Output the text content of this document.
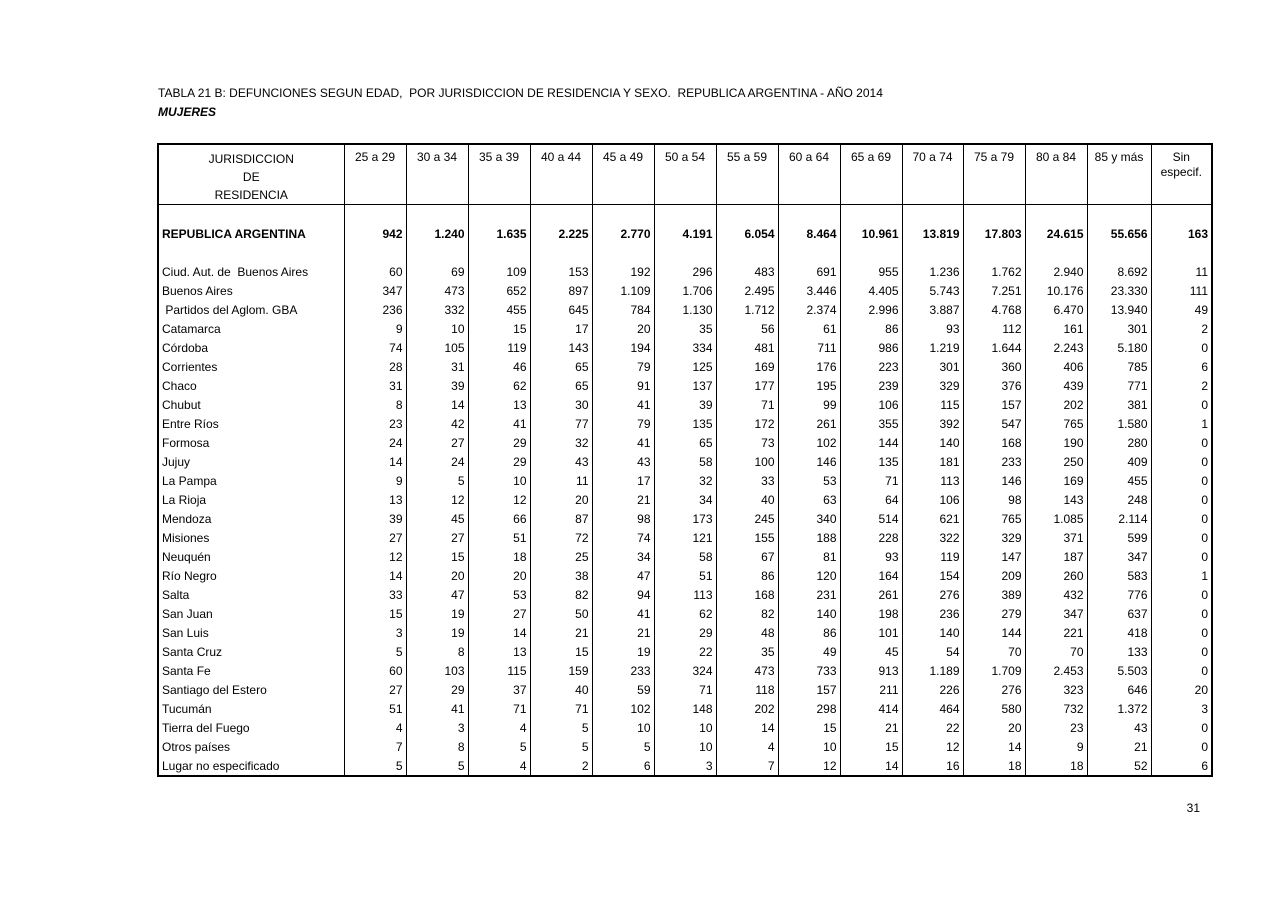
TABLA 21 B: DEFUNCIONES SEGUN EDAD,  POR JURISDICCION DE RESIDENCIA Y SEXO.  REPUBLICA ARGENTINA - AÑO 2014
MUJERES
JURISDICCION
DE
RESIDENCIA	25 a 29	30 a 34	35 a 39	40 a 44	45 a 49	50 a 54	55 a 59	60 a 64	65 a 69	70 a 74	75 a 79	80 a 84	85 y más	Sin especif.

REPUBLICA ARGENTINA	942	1.240	1.635	2.225	2.770	4.191	6.054	8.464	10.961	13.819	17.803	24.615	55.656	163

Ciud. Aut. de  Buenos Aires	60	69	109	153	192	296	483	691	955	1.236	1.762	2.940	8.692	11
Buenos Aires	347	473	652	897	1.109	1.706	2.495	3.446	4.405	5.743	7.251	10.176	23.330	111
Partidos del Aglom. GBA	236	332	455	645	784	1.130	1.712	2.374	2.996	3.887	4.768	6.470	13.940	49
Catamarca	9	10	15	17	20	35	56	61	86	93	112	161	301	2
Córdoba	74	105	119	143	194	334	481	711	986	1.219	1.644	2.243	5.180	0
Corrientes	28	31	46	65	79	125	169	176	223	301	360	406	785	6
Chaco	31	39	62	65	91	137	177	195	239	329	376	439	771	2
Chubut	8	14	13	30	41	39	71	99	106	115	157	202	381	0
Entre Ríos	23	42	41	77	79	135	172	261	355	392	547	765	1.580	1
Formosa	24	27	29	32	41	65	73	102	144	140	168	190	280	0
Jujuy	14	24	29	43	43	58	100	146	135	181	233	250	409	0
La Pampa	9	5	10	11	17	32	33	53	71	113	146	169	455	0
La Rioja	13	12	12	20	21	34	40	63	64	106	98	143	248	0
Mendoza	39	45	66	87	98	173	245	340	514	621	765	1.085	2.114	0
Misiones	27	27	51	72	74	121	155	188	228	322	329	371	599	0
Neuquén	12	15	18	25	34	58	67	81	93	119	147	187	347	0
Río Negro	14	20	20	38	47	51	86	120	164	154	209	260	583	1
Salta	33	47	53	82	94	113	168	231	261	276	389	432	776	0
San Juan	15	19	27	50	41	62	82	140	198	236	279	347	637	0
San Luis	3	19	14	21	21	29	48	86	101	140	144	221	418	0
Santa Cruz	5	8	13	15	19	22	35	49	45	54	70	70	133	0
Santa Fe	60	103	115	159	233	324	473	733	913	1.189	1.709	2.453	5.503	0
Santiago del Estero	27	29	37	40	59	71	118	157	211	226	276	323	646	20
Tucumán	51	41	71	71	102	148	202	298	414	464	580	732	1.372	3
Tierra del Fuego	4	3	4	5	10	10	14	15	21	22	20	23	43	0
Otros países	7	8	5	5	5	10	4	10	15	12	14	9	21	0
Lugar no especificado	5	5	4	2	6	3	7	12	14	16	18	18	52	6
31
